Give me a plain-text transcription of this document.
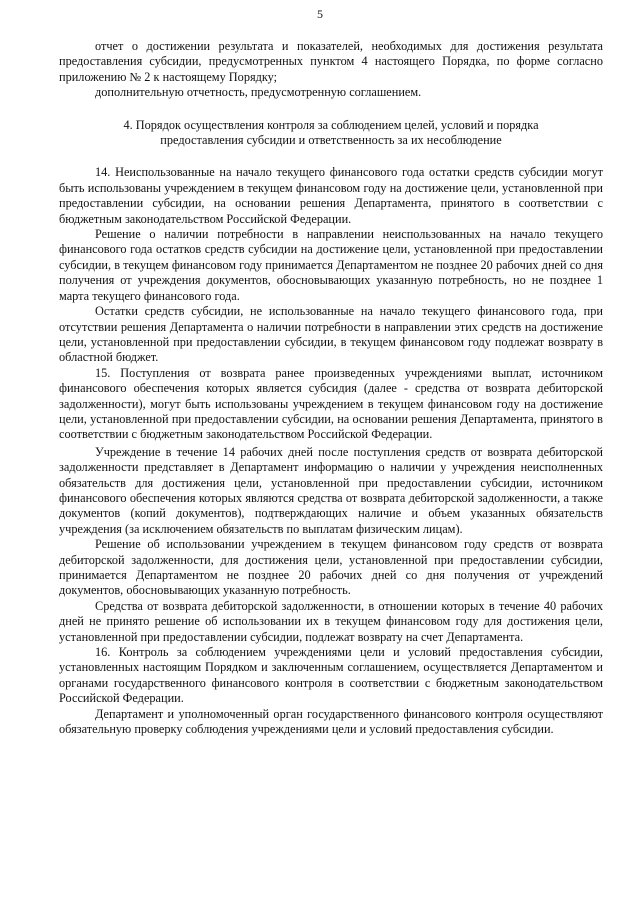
5

отчет о достижении результата и показателей, необходимых для достижения результата предоставления субсидии, предусмотренных пунктом 4 настоящего Порядка, по форме согласно приложению № 2 к настоящему Порядку;

дополнительную отчетность, предусмотренную соглашением.

4. Порядок осуществления контроля за соблюдением целей, условий и порядка предоставления субсидии и ответственность за их несоблюдение

14. Неиспользованные на начало текущего финансового года остатки средств субсидии могут быть использованы учреждением в текущем финансовом году на достижение цели, установленной при предоставлении субсидии, на основании решения Департамента, принятого в соответствии с бюджетным законодательством Российской Федерации.

Решение о наличии потребности в направлении неиспользованных на начало текущего финансового года остатков средств субсидии на достижение цели, установленной при предоставлении субсидии, в текущем финансовом году принимается Департаментом не позднее 20 рабочих дней со дня получения от учреждения документов, обосновывающих указанную потребность, но не позднее 1 марта текущего финансового года.

Остатки средств субсидии, не использованные на начало текущего финансового года, при отсутствии решения Департамента о наличии потребности в направлении этих средств на достижение цели, установленной при предоставлении субсидии, в текущем финансовом году подлежат возврату в областной бюджет.

15. Поступления от возврата ранее произведенных учреждениями выплат, источником финансового обеспечения которых является субсидия (далее - средства от возврата дебиторской задолженности), могут быть использованы учреждением в текущем финансовом году на достижение цели, установленной при предоставлении субсидии, на основании решения Департамента, принятого в соответствии с бюджетным законодательством Российской Федерации.

Учреждение в течение 14 рабочих дней после поступления средств от возврата дебиторской задолженности представляет в Департамент информацию о наличии у учреждения неисполненных обязательств для достижения цели, установленной при предоставлении субсидии, источником финансового обеспечения которых являются средства от возврата дебиторской задолженности, а также документов (копий документов), подтверждающих наличие и объем указанных обязательств учреждения (за исключением обязательств по выплатам физическим лицам).

Решение об использовании учреждением в текущем финансовом году средств от возврата дебиторской задолженности, для достижения цели, установленной при предоставлении субсидии, принимается Департаментом не позднее 20 рабочих дней со дня получения от учреждений документов, обосновывающих указанную потребность.

Средства от возврата дебиторской задолженности, в отношении которых в течение 40 рабочих дней не принято решение об использовании их в текущем финансовом году для достижения цели, установленной при предоставлении субсидии, подлежат возврату на счет Департамента.

16. Контроль за соблюдением учреждениями цели и условий предоставления субсидии, установленных настоящим Порядком и заключенным соглашением, осуществляется Департаментом и органами государственного финансового контроля в соответствии с бюджетным законодательством Российской Федерации.

Департамент и уполномоченный орган государственного финансового контроля осуществляют обязательную проверку соблюдения учреждениями цели и условий предоставления субсидии.
